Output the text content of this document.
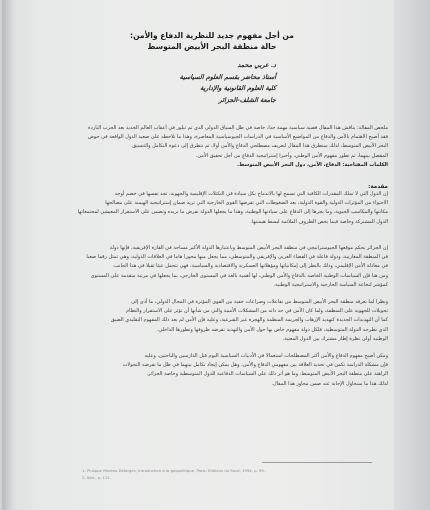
من أجل مفهوم جديد للنظرية الدفاع والأمن:
حالة منطقة البحر الأبيض المتوسط
د. عربي محمد
أستاذ محاضر بقسم العلوم السياسية
كلية العلوم القانونية والإدارية
جامعة الشلف-الجزائر
ملخص المقالة: يناقش هذا المقال قضية سياسية مهمة جدا، خاصة في ظل السياق الدولي الذي ثم تبلور في أعقاب العالم الجديد بعد الحرب الباردة
فقد أصبح الاهتمام بالأمن والدفاع من المواضيع الأساسية في الدراسات الجيوسياسية المعاصرة، وهذا ما نلاحظه على صعيد الدول الواقعة في حوض
البحر الأبيض المتوسط، لذلك سنطرق هذا المقال لتعريف مصطلحي الدفاع والأمن أولا، ثم نتطرق إلى دعوة التكامل والتنسيق
المفصل بينهما، ثم تطور مفهوم الأمن الوطني، وأخيرا إستراتيجية الدفاع من أجل تحقيق الأمن.
الكلمات المفتاحية: الدفاع، الأمن، دول البحر الأبيض المتوسط.
مقدمة:
إن الدول التي لا تملك المقدرات الكافية التي تسمح لها بالاندماج بكل سيادة في التكتلات الإقليمية والجهوية، تجد نفسها في خضم أوجه
الاحتواء من المؤثرات الدولية والقوة الدولية، بعد الضغوطات التي تفرضها القوى الخارجية التي تريد ضمان إستراتيجية الهيمنة على مصالحها
مكانتها والمكاسب الحيوية، وما يجرها إلى الدفاع على سيادتها الوطنية، وهذا ما يجعلها الدولة تفرض ما تريده وتضمن على الاستقرار المعيشي لمجتمعاتها
الدول المشتركة وخاصة فيما يخص الظروف الملائمة لبسط هيمنتها.
إن الجزائر بحكم موقعها الجيوستراتيجي في منطقة البحر الأبيض المتوسط وباعتبارها الدولة الأكبر مساحة في القارة الإفريقية، فإنها دولة
في المنطقة المغاربية، ودولة فاعلة في الفضاء العربي والإفريقي والمتوسطي، مما يجعل منها محورا هاما في العلاقات الدولية، وهي تمثل رقما صعبا
في معادلة الأمن الإقليمي، وذلك بالنظر إلى إمكانياتها ومؤهلاتها العسكرية والاقتصادية والسياسية، فهي تتحمل عبئا ثقيلا في هذا الجانب.
ومن هنا فإن السياسات الوطنية الخاصة بالدفاع والأمن الوطني، لها أهمية بالغة في المستوى الخارجي، بما يجعلها في مرتبة متقدمة على المستوى
كمؤشر لنجاعة السياسة الخارجية والاستراتيجية الوطنية.
ونظرا لما تعرفه منطقة البحر الأبيض المتوسط من تفاعلات وصراعات خفية بين القوى المؤثرة في المجال الدولي، ما أدى إلى
تحويلات للجهوية على المنطقة، ولما كان الأمن في حد ذاته من المشكلات الأمنية والتي من شأنها أن تؤثر على الاستقرار والنظام
كما أن التهديدات الجديدة كتهديد الإرهاب والجريمة المنظمة والهجرة غير الشرعية، وعليه فإن الأمن لم يعد ذلك المفهوم التقليدي الضيق
الذي تطرحه الدولة المتوسطية، فلكل دولة مفهوم خاص بها حول الأمن والتهديد تفرضه ظروفها وتطورها الداخلي.
الوطنية أولى نظرة إطار مشترك بين الدول المعنية.
ومكن أصبح مفهوم الدفاع والأمن أكثر المصطلحات استعمالا في الأدبيات السياسية اليوم قبل الدارسين والباحثين، وعليه
فإن مشكلة الدراسة تكمن في تحديد العلاقة بين مفهومي الدفاع والأمن، وهل يمكن إيجاد تكامل بينهما في ظل ما تفرضه التحولات
الراهنة على منطقة البحر الأبيض المتوسط، وما هو أثر ذلك على السياسات الدفاعية للدول المتوسطية وخاصة الجزائر.
لذلك هذا ما سنحاول الإجابة عنه ضمن محاور هذا المقال.
1- Philippe Moreau Defarges, Introduction a la geopolitique, Paris: Editions du Seuil, 1994, p. 99.
2- Ibid., p. 112.
